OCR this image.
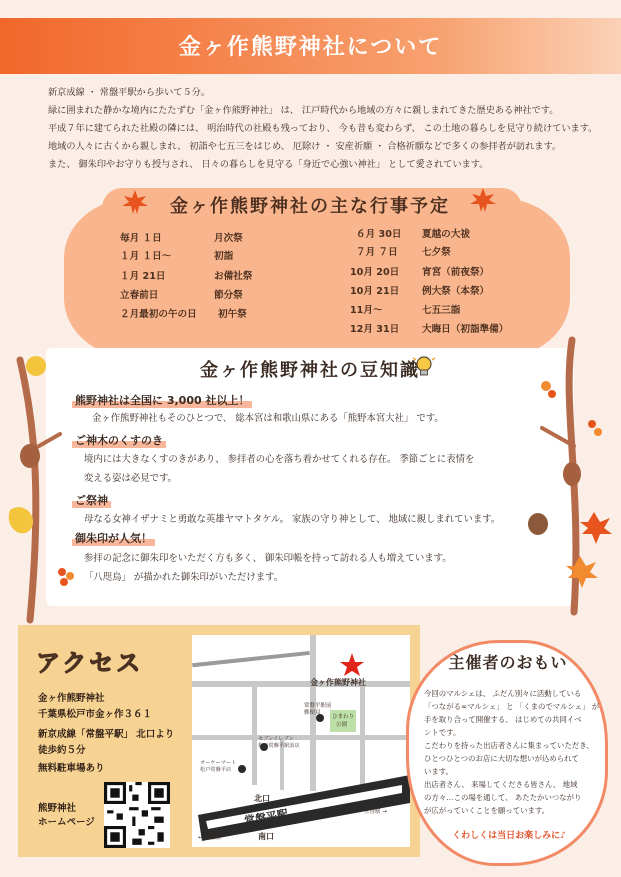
金ヶ作熊野神社について
新京成線 ・ 常盤平駅から歩いて５分。
緑に囲まれた静かな境内にたたずむ「金ヶ作熊野神社」 は、 江戸時代から地域の方々に親しまれてきた歴史ある神社です。
平成７年に建てられた社殿の隣には、 明治時代の社殿も残っており、 今も昔も変わらず、 この土地の暮らしを見守り続けています。
地域の人々に古くから親しまれ、 初詣や七五三をはじめ、 厄除け ・ 安産祈願 ・ 合格祈願などで多くの参拝者が訪れます。
また、 御朱印やお守りも授与され、 日々の暮らしを見守る「身近で心強い神社」 として愛されています。
金ヶ作熊野神社の主な行事予定
毎月 １日	月次祭
１月 １日～	初詣
１月 21日	お備社祭
立春前日	節分祭
２月最初の午の日 初午祭
６月 30日 夏越の大祓
７月 ７日	七夕祭
10月 20日 宵宮（前夜祭）
10月 21日 例大祭（本祭）
11月～	七五三詣
12月 31日 大晦日（初詣準備）
金ヶ作熊野神社の豆知識
熊野神社は全国に 3,000 社以上！
金ヶ作熊野神社もそのひとつで、 総本宮は和歌山県にある「熊野本宮大社」 です。
ご神木のくすのき
境内には大きなくすのきがあり、 参拝者の心を落ち着かせてくれる存在。 季節ごとに表情を
変える姿は必見です。
ご祭神
母なる女神イザナミと勇敢な英雄ヤマトタケル。 家族の守り神として、 地域に親しまれています。
御朱印が人気！
参拝の記念に御朱印をいただく方も多く、 御朱印帳を持って訪れる人も増えています。
「八咫烏」 が描かれた御朱印がいただけます。
アクセス
金ヶ作熊野神社
千葉県松戸市金ヶ作３６１
新京成線「常盤平駅」 北口より
徒歩約５分
無料駐車場あり
熊野神社
ホームページ
金ヶ作熊野神社
常盤平駅前
郵便局
ひまわり
公園
セブンイレブン
松戸常盤平駅前店
オーケーマート
松戸常盤平店
北口
常盤平駅
南口
← 八柱駅
五香駅 →
主催者のおもい
今回のマルシェは、 ふだん別々に活動している
「つながる∞マルシェ」 と 「くまのでマルシェ」 が
手を取り合って開催する、 はじめての共同イベ
ントです。
こだわりを持った出店者さんに集まっていただき、
ひとつひとつのお店に大切な想いが込められて
います。
出店者さん、 来場してくださる皆さん、 地域
の方々…この場を通して、 あたたかいつながり
が広がっていくことを願っています。
くわしくは当日お楽しみに♪
